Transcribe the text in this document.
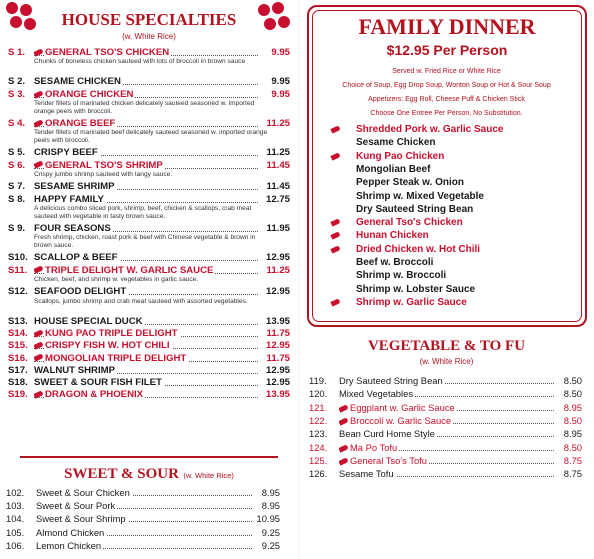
HOUSE SPECIALTIES
(w. White Rice)
S 1.	GENERAL TSO'S CHICKEN	9.95
Chunks of boneless chicken sauteed with lots of broccoli in brown sauce
S 2. SESAME CHICKEN	9.95
S 3.	ORANGE CHICKEN	9.95
Tender fillets of marinated chicken delicately sauteed seasoned w. imported orange peels with broccoli.
S 4.	ORANGE BEEF	11.25
Tender fillets of marinated beef delicately sauteed seasoned w. imported orange peels with broccoli.
S 5. CRISPY BEEF	11.25
S 6.	GENERAL TSO'S SHRIMP	11.45
Crispy jumbo shrimp sauteed with tangy sauce.
S 7. SESAME SHRIMP	11.45
S 8. HAPPY FAMILY	12.75
A delicious combo sliced pork, shrimp, beef, chicken & scallops, crab meat sauteed with vegetable in tasty brown sauce.
S 9. FOUR SEASONS	11.95
Fresh shrimp, chicken, roast pork & beef with Chinese vegetable & brown in brown sauce.
S10. SCALLOP & BEEF	12.95
S11.	TRIPLE DELIGHT W. GARLIC SAUCE	11.25
Chicken, beef, and shrimp w. vegetables in garlic sauce.
S12. SEAFOOD DELIGHT	12.95
Scallops, jumbo shrimp and crab meat sauteed with assorted vegetables.
S13. HOUSE SPECIAL DUCK	13.95
S14.	KUNG PAO TRIPLE DELIGHT	11.75
S15.	CRISPY FISH W. HOT CHILI	12.95
S16.	MONGOLIAN TRIPLE DELIGHT	11.75
S17. WALNUT SHRIMP	12.95
S18. SWEET & SOUR FISH FILET	12.95
S19.	DRAGON & PHOENIX	13.95
SWEET & SOUR (w. White Rice)
102. Sweet & Sour Chicken	8.95
103. Sweet & Sour Pork	8.95
104. Sweet & Sour Shrimp	10.95
105. Almond Chicken	9.25
106. Lemon Chicken	9.25
FAMILY DINNER
$12.95 Per Person
Served w. Fried Rice or White Rice
Choice of Soup, Egg Drop Soup, Wonton Soup or Hot & Sour Soup
Appetizers: Egg Roll, Cheese Puff & Chicken Stick
Choose One Entree Per Person, No Substitution.
Shredded Pork w. Garlic Sauce
Sesame Chicken
Kung Pao Chicken
Mongolian Beef
Pepper Steak w. Onion
Shrimp w. Mixed Vegetable
Dry Sauteed String Bean
General Tso's Chicken
Hunan Chicken
Dried Chicken w. Hot Chili
Beef w. Broccoli
Shrimp w. Broccoli
Shrimp w. Lobster Sauce
Shrimp w. Garlic Sauce
VEGETABLE & TO FU
(w. White Rice)
119. Dry Sauteed String Bean	8.50
120. Mixed Vegetables	8.50
121.	Eggplant w. Garlic Sauce	8.95
122.	Broccoli w. Garlic Sauce	8.50
123. Bean Curd Home Style	8.95
124.	Ma Po Tofu	8.50
125.	General Tso's Tofu	8.75
126. Sesame Tofu	8.75
